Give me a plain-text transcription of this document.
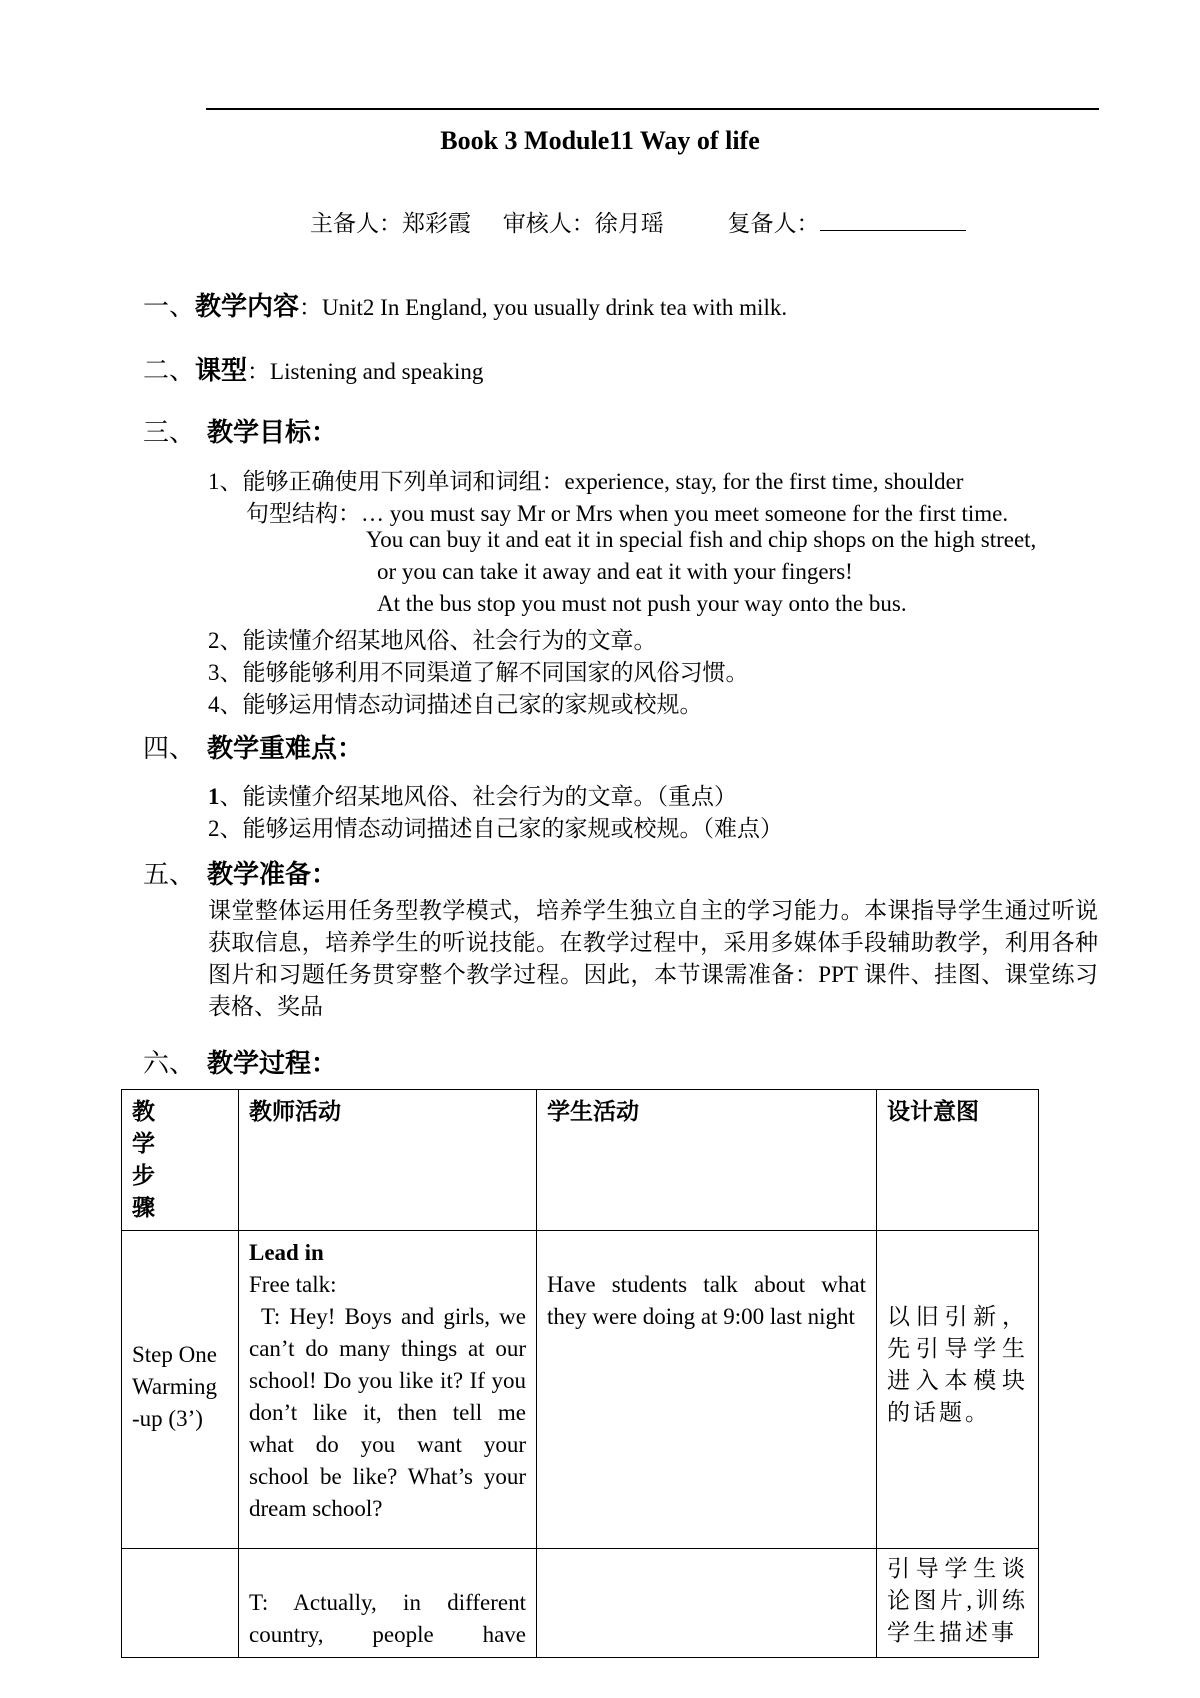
Book 3 Module11 Way of life
主备人：郑彩霞 审核人：徐月瑶	复备人：
一、教学内容：Unit2 In England, you usually drink tea with milk.
二、课型：Listening and speaking
三、 教学目标：
1、能够正确使用下列单词和词组：experience, stay, for the first time, shoulder
句型结构：… you must say Mr or Mrs when you meet someone for the first time.
You can buy it and eat it in special fish and chip shops on the high street,
or you can take it away and eat it with your fingers!
At the bus stop you must not push your way onto the bus.
2、能读懂介绍某地风俗、社会行为的文章。
3、能够能够利用不同渠道了解不同国家的风俗习惯。
4、能够运用情态动词描述自己家的家规或校规。
四、 教学重难点：
1、能读懂介绍某地风俗、社会行为的文章。（重点）
2、能够运用情态动词描述自己家的家规或校规。（难点）
五、 教学准备：
课堂整体运用任务型教学模式，培养学生独立自主的学习能力。本课指导学生通过听说获取信息，培养学生的听说技能。在教学过程中，采用多媒体手段辅助教学，利用各种图片和习题任务贯穿整个教学过程。因此，本节课需准备：PPT 课件、挂图、课堂练习表格、奖品
六、 教学过程：
教学步骤	教师活动	学生活动	设计意图

Step One Warming -up (3’)	Lead in
Free talk:
T: Hey! Boys and girls, we can’t do many things at our school! Do you like it? If you don’t like it, then tell me what do you want your school be like? What’s your dream school?	Have students talk about what they were doing at 9:00 last night	以旧引新，先引导学生进入本模块的话题。

	T: Actually, in different country, people have		引导学生谈论图片,训练学生描述事
